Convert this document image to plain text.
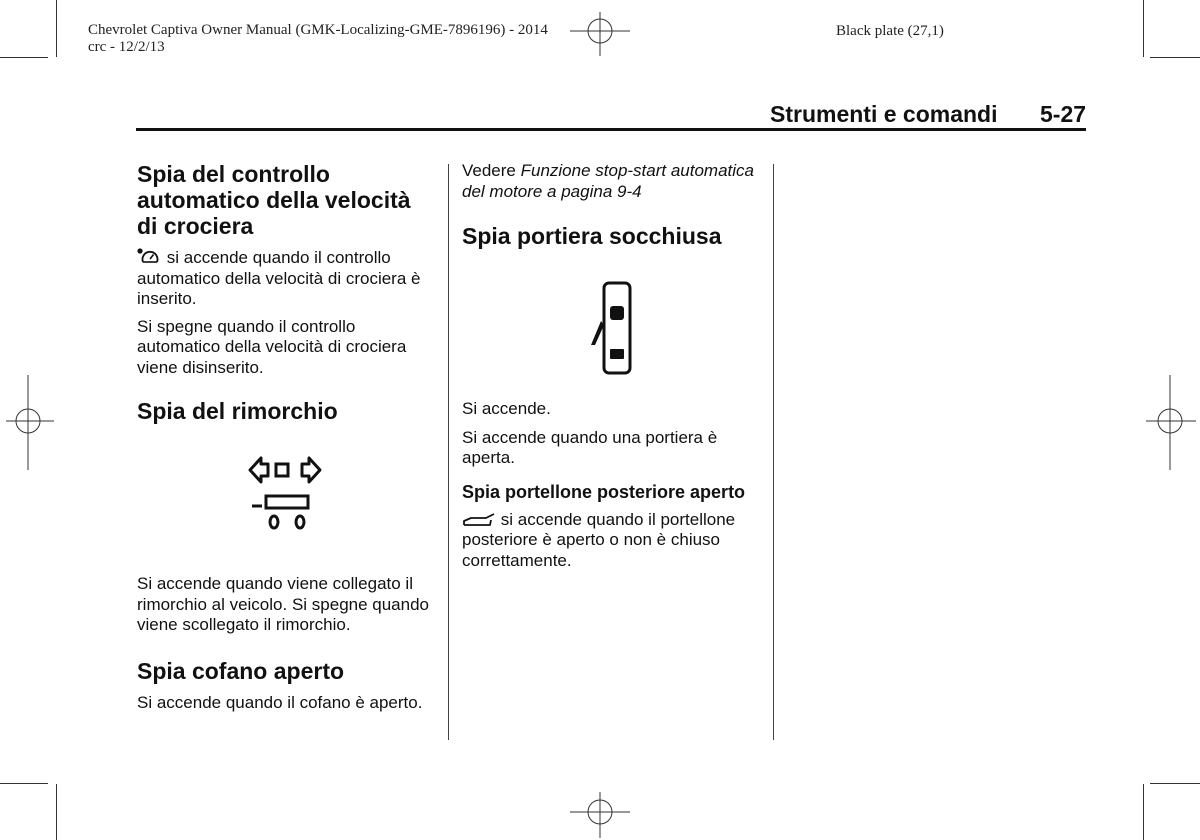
Chevrolet Captiva Owner Manual (GMK-Localizing-GME-7896196) - 2014
crc - 12/2/13
Black plate (27,1)
Strumenti e comandi 5-27
Spia del controllo automatico della velocità di crociera

si accende quando il controllo automatico della velocità di crociera è inserito.

Si spegne quando il controllo automatico della velocità di crociera viene disinserito.

Spia del rimorchio

Si accende quando viene collegato il rimorchio al veicolo. Si spegne quando viene scollegato il rimorchio.

Spia cofano aperto

Si accende quando il cofano è aperto.

Vedere Funzione stop-start automatica del motore a pagina 9-4

Spia portiera socchiusa

Si accende.

Si accende quando una portiera è aperta.

Spia portellone posteriore aperto

si accende quando il portellone posteriore è aperto o non è chiuso correttamente.
